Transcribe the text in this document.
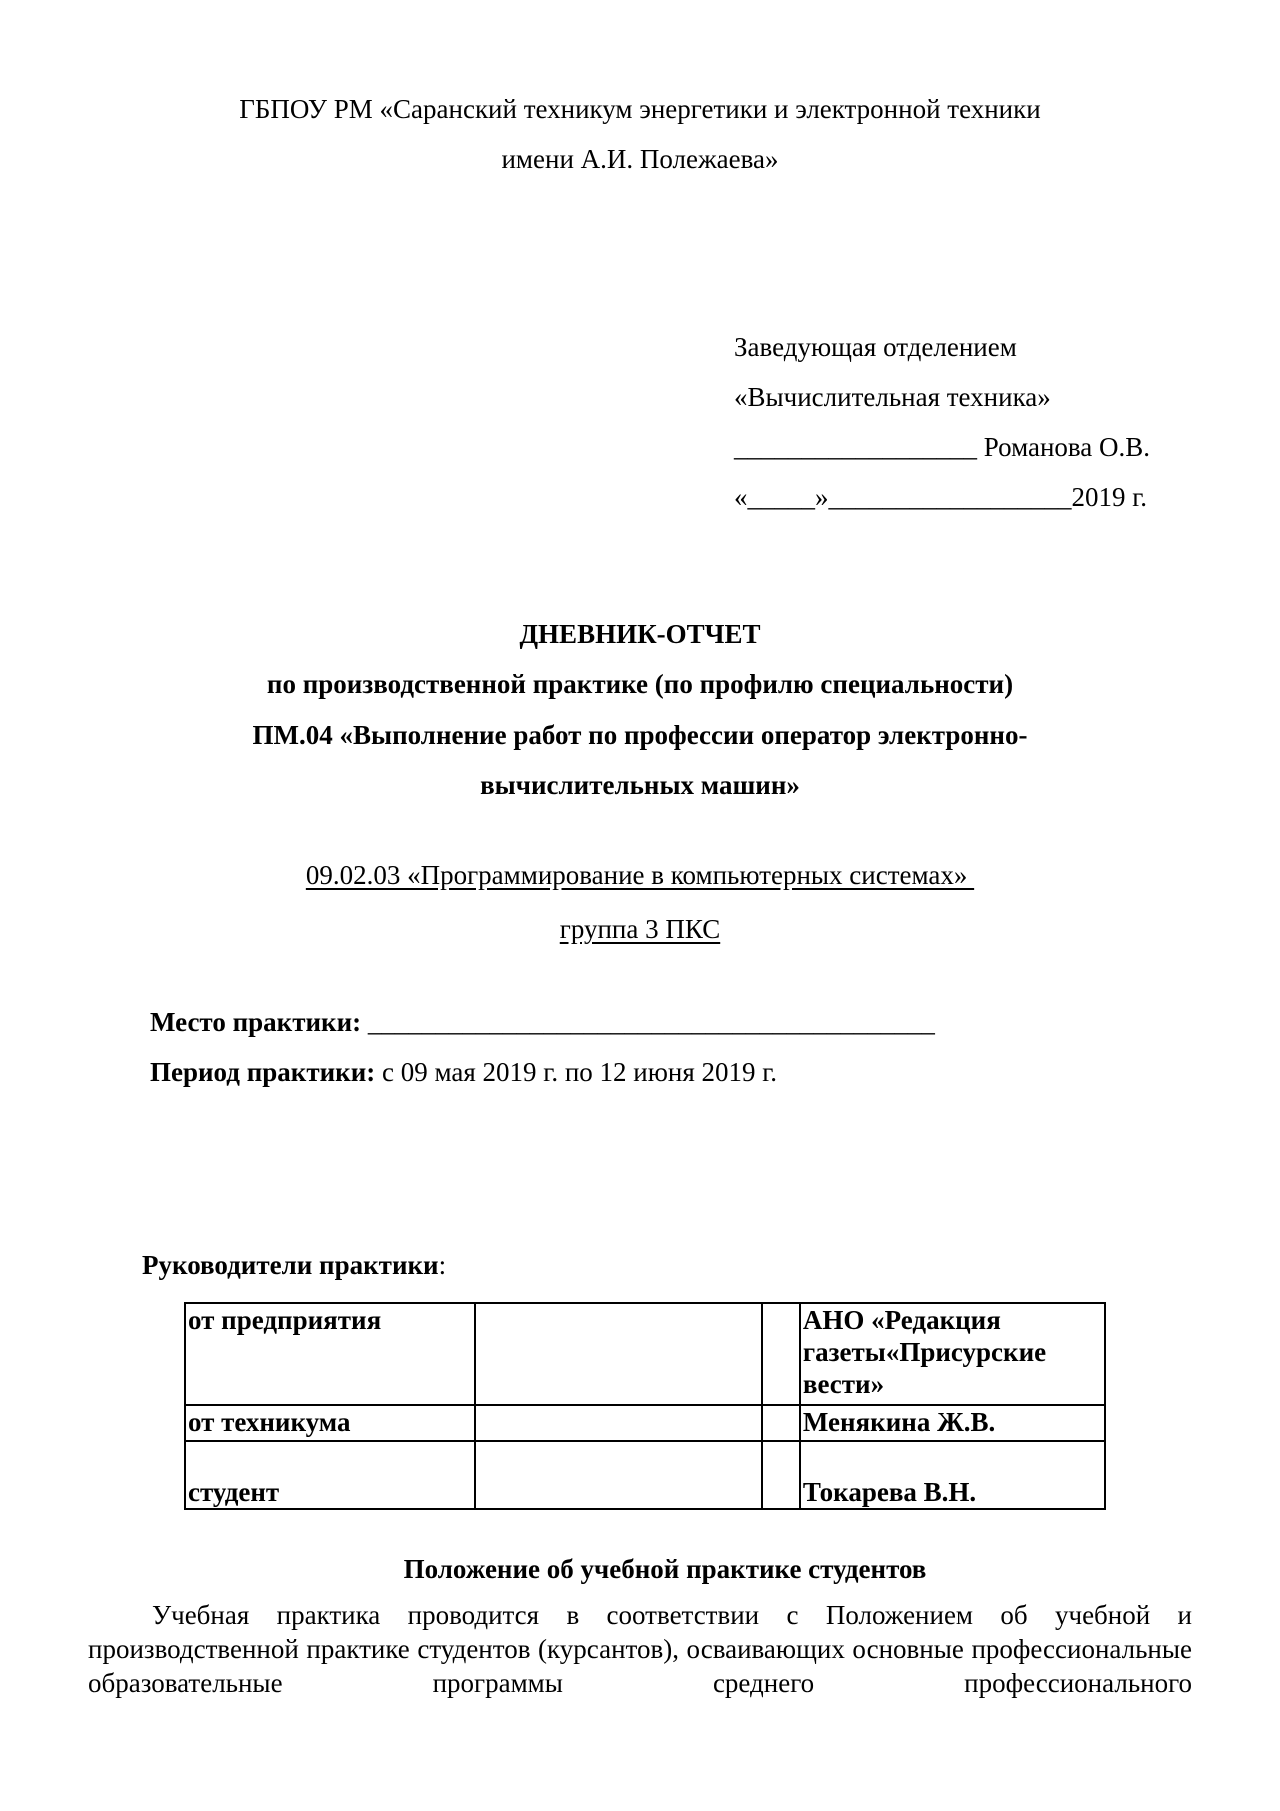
ГБПОУ РМ «Саранский техникум энергетики и электронной техники
имени А.И. Полежаева»
Заведующая отделением
«Вычислительная техника»
__________________ Романова О.В.
«_____»__________________2019 г.
ДНЕВНИК-ОТЧЕТ
по производственной практике (по профилю специальности)
ПМ.04 «Выполнение работ по профессии оператор электронно-
вычислительных машин»
09.02.03 «Программирование в компьютерных системах»
группа 3 ПКС
Место практики: __________________________________________
Период практики: с 09 мая 2019 г. по 12 июня 2019 г.
Руководители практики:
от предприятия			АНО «Редакция газеты«Присурские вести»
от техникума			Менякина Ж.В.
студент			Токарева В.Н.
Положение об учебной практике студентов
Учебная практика проводится в соответствии с Положением об учебной и производственной практике студентов (курсантов), осваивающих основные профессиональные образовательные программы среднего профессионального
